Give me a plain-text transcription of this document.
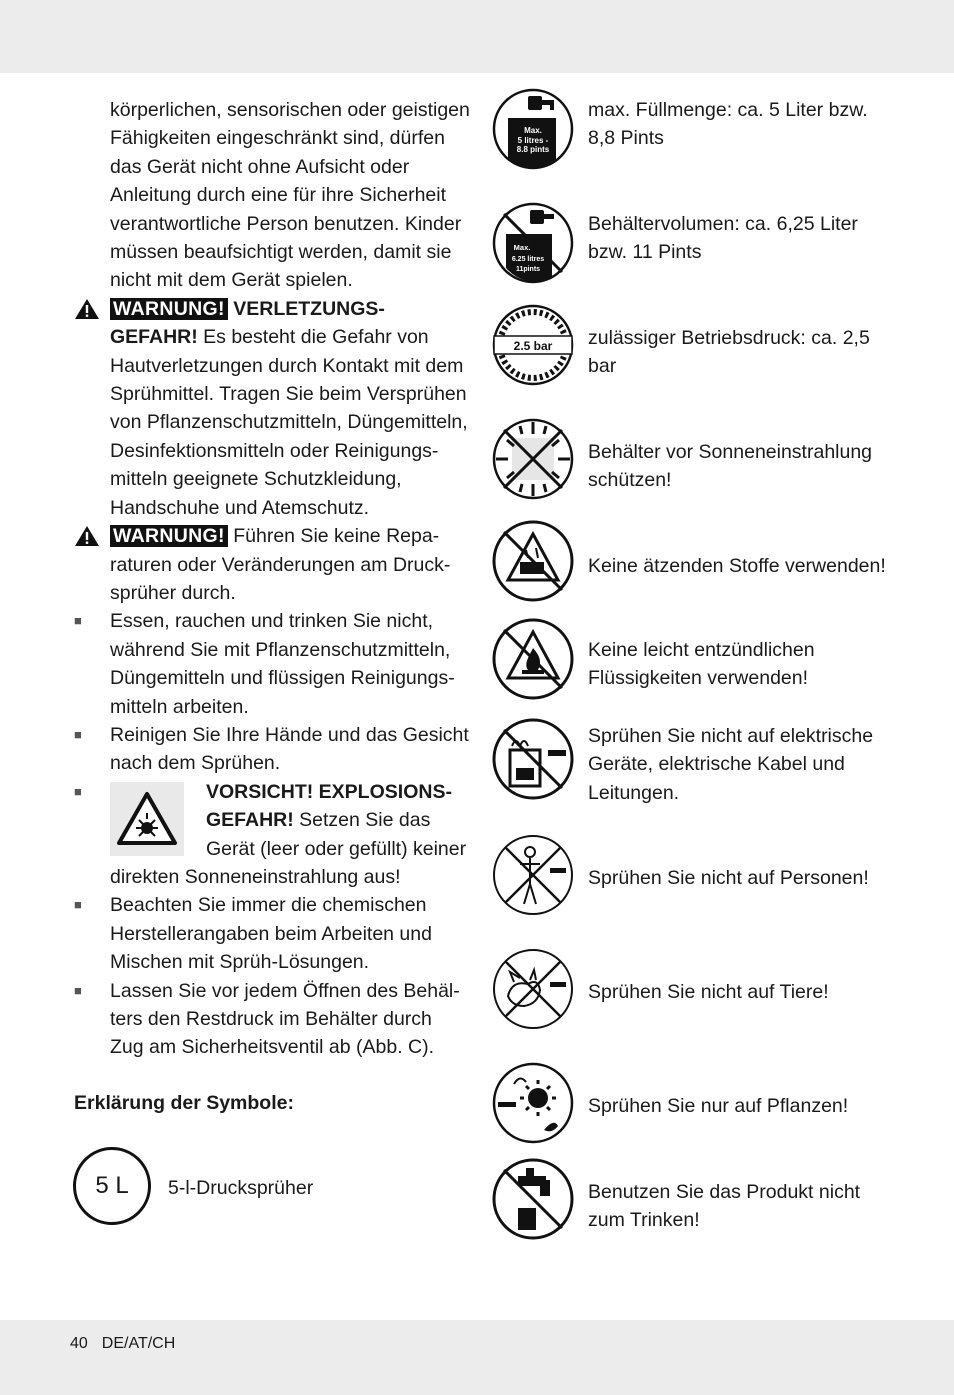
körperlichen, sensorischen oder geistigen Fähigkeiten eingeschränkt sind, dürfen das Gerät nicht ohne Aufsicht oder Anleitung durch eine für ihre Sicherheit verantwortliche Person benutzen. Kinder müssen beaufsichtigt werden, damit sie nicht mit dem Gerät spielen.

WARNUNG! VERLETZUNGS-GEFAHR! Es besteht die Gefahr von Hautverletzungen durch Kontakt mit dem Sprühmittel. Tragen Sie beim Versprühen von Pflanzenschutzmitteln, Düngemitteln, Desinfektionsmitteln oder Reinigungs-mitteln geeignete Schutzkleidung, Handschuhe und Atemschutz.

WARNUNG! Führen Sie keine Repa-raturen oder Veränderungen am Druck-sprüher durch.

■	Essen, rauchen und trinken Sie nicht, während Sie mit Pflanzenschutzmitteln, Düngemitteln und flüssigen Reinigungs-mitteln arbeiten.

■	Reinigen Sie Ihre Hände und das Gesicht nach dem Sprühen.

■	VORSICHT! EXPLOSIONS-GEFAHR! Setzen Sie das Gerät (leer oder gefüllt) keiner direkten Sonneneinstrahlung aus!

■	Beachten Sie immer die chemischen Herstellerangaben beim Arbeiten und Mischen mit Sprüh-Lösungen.

■	Lassen Sie vor jedem Öffnen des Behäl-ters den Restdruck im Behälter durch Zug am Sicherheitsventil ab (Abb. C).

Erklärung der Symbole:
5 L 5-l-Drucksprüher
Max.
5 litres -
8.8 pints
max. Füllmenge: ca. 5 Liter bzw. 8,8 Pints
Max.
6.25 litres
11pints
Behältervolumen: ca. 6,25 Liter bzw. 11 Pints
2.5 bar zulässiger Betriebsdruck: ca. 2,5 bar
Behälter vor Sonneneinstrahlung schützen!
Keine ätzenden Stoffe verwenden!
Keine leicht entzündlichen Flüssigkeiten verwenden!
Sprühen Sie nicht auf elektrische Geräte, elektrische Kabel und Leitungen.
Sprühen Sie nicht auf Personen!
Sprühen Sie nicht auf Tiere!
Sprühen Sie nur auf Pflanzen!
Benutzen Sie das Produkt nicht zum Trinken!
40 DE/AT/CH
